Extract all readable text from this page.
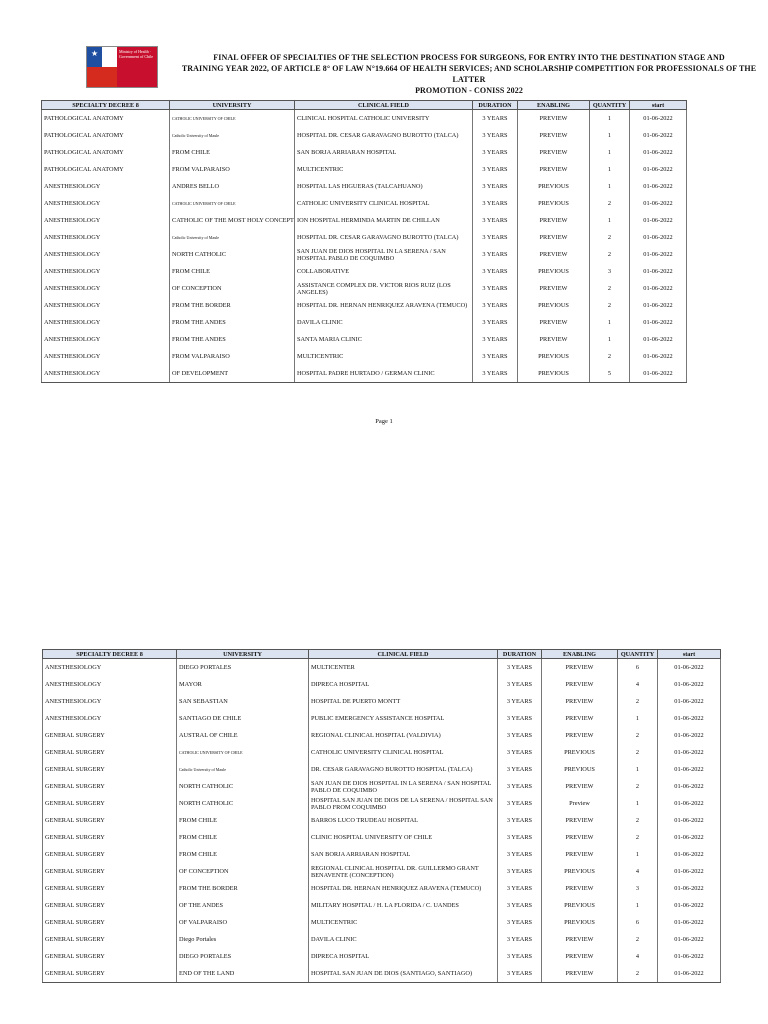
★
Ministry of Health · Government of Chile	FINAL OFFER OF SPECIALTIES OF THE SELECTION PROCESS FOR SURGEONS, FOR ENTRY INTO THE DESTINATION STAGE AND
TRAINING YEAR 2022, OF ARTICLE 8° OF LAW N°19.664 OF HEALTH SERVICES; AND SCHOLARSHIP COMPETITION FOR PROFESSIONALS OF THE LATTER
PROMOTION - CONISS 2022
SPECIALTY DECREE 8	UNIVERSITY	CLINICAL FIELD	DURATION	ENABLING	QUANTITY	start
PATHOLOGICAL ANATOMY	CATHOLIC UNIVERSITY OF CHILE	CLINICAL HOSPITAL CATHOLIC UNIVERSITY	3 YEARS	PREVIEW	1	01-06-2022
PATHOLOGICAL ANATOMY	Catholic University of Maule	HOSPITAL DR. CESAR GARAVAGNO BUROTTO (TALCA)	3 YEARS	PREVIEW	1	01-06-2022
PATHOLOGICAL ANATOMY	FROM CHILE	SAN BORJA ARRIARAN HOSPITAL	3 YEARS	PREVIEW	1	01-06-2022
PATHOLOGICAL ANATOMY	FROM VALPARAISO	MULTICENTRIC	3 YEARS	PREVIEW	1	01-06-2022
ANESTHESIOLOGY	ANDRES BELLO	HOSPITAL LAS HIGUERAS (TALCAHUANO)	3 YEARS	PREVIOUS	1	01-06-2022
ANESTHESIOLOGY	CATHOLIC UNIVERSITY OF CHILE	CATHOLIC UNIVERSITY CLINICAL HOSPITAL	3 YEARS	PREVIOUS	2	01-06-2022
ANESTHESIOLOGY	CATHOLIC OF THE MOST HOLY CONCEPT	ION HOSPITAL HERMINDA MARTIN DE CHILLAN	3 YEARS	PREVIEW	1	01-06-2022
ANESTHESIOLOGY	Catholic University of Maule	HOSPITAL DR. CESAR GARAVAGNO BUROTTO (TALCA)	3 YEARS	PREVIEW	2	01-06-2022
ANESTHESIOLOGY	NORTH CATHOLIC	SAN JUAN DE DIOS HOSPITAL IN LA SERENA / SAN HOSPITAL PABLO DE COQUIMBO	3 YEARS	PREVIEW	2	01-06-2022
ANESTHESIOLOGY	FROM CHILE	COLLABORATIVE	3 YEARS	PREVIOUS	3	01-06-2022
ANESTHESIOLOGY	OF CONCEPTION	ASSISTANCE COMPLEX DR. VICTOR RIOS RUIZ (LOS ANGELES)	3 YEARS	PREVIEW	2	01-06-2022
ANESTHESIOLOGY	FROM THE BORDER	HOSPITAL DR. HERNAN HENRIQUEZ ARAVENA (TEMUCO)	3 YEARS	PREVIOUS	2	01-06-2022
ANESTHESIOLOGY	FROM THE ANDES	DAVILA CLINIC	3 YEARS	PREVIEW	1	01-06-2022
ANESTHESIOLOGY	FROM THE ANDES	SANTA MARIA CLINIC	3 YEARS	PREVIEW	1	01-06-2022
ANESTHESIOLOGY	FROM VALPARAISO	MULTICENTRIC	3 YEARS	PREVIOUS	2	01-06-2022
ANESTHESIOLOGY	OF DEVELOPMENT	HOSPITAL PADRE HURTADO / GERMAN CLINIC	3 YEARS	PREVIOUS	5	01-06-2022
Page 1
SPECIALTY DECREE 8	UNIVERSITY	CLINICAL FIELD	DURATION	ENABLING	QUANTITY	start
ANESTHESIOLOGY	DIEGO PORTALES	MULTICENTER	3 YEARS	PREVIEW	6	01-06-2022
ANESTHESIOLOGY	MAYOR	DIPRECA HOSPITAL	3 YEARS	PREVIEW	4	01-06-2022
ANESTHESIOLOGY	SAN SEBASTIAN	HOSPITAL DE PUERTO MONTT	3 YEARS	PREVIEW	2	01-06-2022
ANESTHESIOLOGY	SANTIAGO DE CHILE	PUBLIC EMERGENCY ASSISTANCE HOSPITAL	3 YEARS	PREVIEW	1	01-06-2022
GENERAL SURGERY	AUSTRAL OF CHILE	REGIONAL CLINICAL HOSPITAL (VALDIVIA)	3 YEARS	PREVIEW	2	01-06-2022
GENERAL SURGERY	CATHOLIC UNIVERSITY OF CHILE	CATHOLIC UNIVERSITY CLINICAL HOSPITAL	3 YEARS	PREVIOUS	2	01-06-2022
GENERAL SURGERY	Catholic University of Maule	DR. CESAR GARAVAGNO BUROTTO HOSPITAL (TALCA)	3 YEARS	PREVIOUS	1	01-06-2022
GENERAL SURGERY	NORTH CATHOLIC	SAN JUAN DE DIOS HOSPITAL IN LA SERENA / SAN HOSPITAL PABLO DE COQUIMBO	3 YEARS	PREVIEW	2	01-06-2022
GENERAL SURGERY	NORTH CATHOLIC	HOSPITAL SAN JUAN DE DIOS DE LA SERENA / HOSPITAL SAN PABLO FROM COQUIMBO	3 YEARS	Preview	1	01-06-2022
GENERAL SURGERY	FROM CHILE	BARROS LUCO TRUDEAU HOSPITAL	3 YEARS	PREVIEW	2	01-06-2022
GENERAL SURGERY	FROM CHILE	CLINIC HOSPITAL UNIVERSITY OF CHILE	3 YEARS	PREVIEW	2	01-06-2022
GENERAL SURGERY	FROM CHILE	SAN BORJA ARRIARAN HOSPITAL	3 YEARS	PREVIEW	1	01-06-2022
GENERAL SURGERY	OF CONCEPTION	REGIONAL CLINICAL HOSPITAL DR. GUILLERMO GRANT BENAVENTE (CONCEPTION)	3 YEARS	PREVIOUS	4	01-06-2022
GENERAL SURGERY	FROM THE BORDER	HOSPITAL DR. HERNAN HENRIQUEZ ARAVENA (TEMUCO)	3 YEARS	PREVIEW	3	01-06-2022
GENERAL SURGERY	OF THE ANDES	MILITARY HOSPITAL / H. LA FLORIDA / C. UANDES	3 YEARS	PREVIOUS	1	01-06-2022
GENERAL SURGERY	OF VALPARAISO	MULTICENTRIC	3 YEARS	PREVIOUS	6	01-06-2022
GENERAL SURGERY	Diego Portales	DAVILA CLINIC	3 YEARS	PREVIEW	2	01-06-2022
GENERAL SURGERY	DIEGO PORTALES	DIPRECA HOSPITAL	3 YEARS	PREVIEW	4	01-06-2022
GENERAL SURGERY	END OF THE LAND	HOSPITAL SAN JUAN DE DIOS (SANTIAGO, SANTIAGO)	3 YEARS	PREVIEW	2	01-06-2022
